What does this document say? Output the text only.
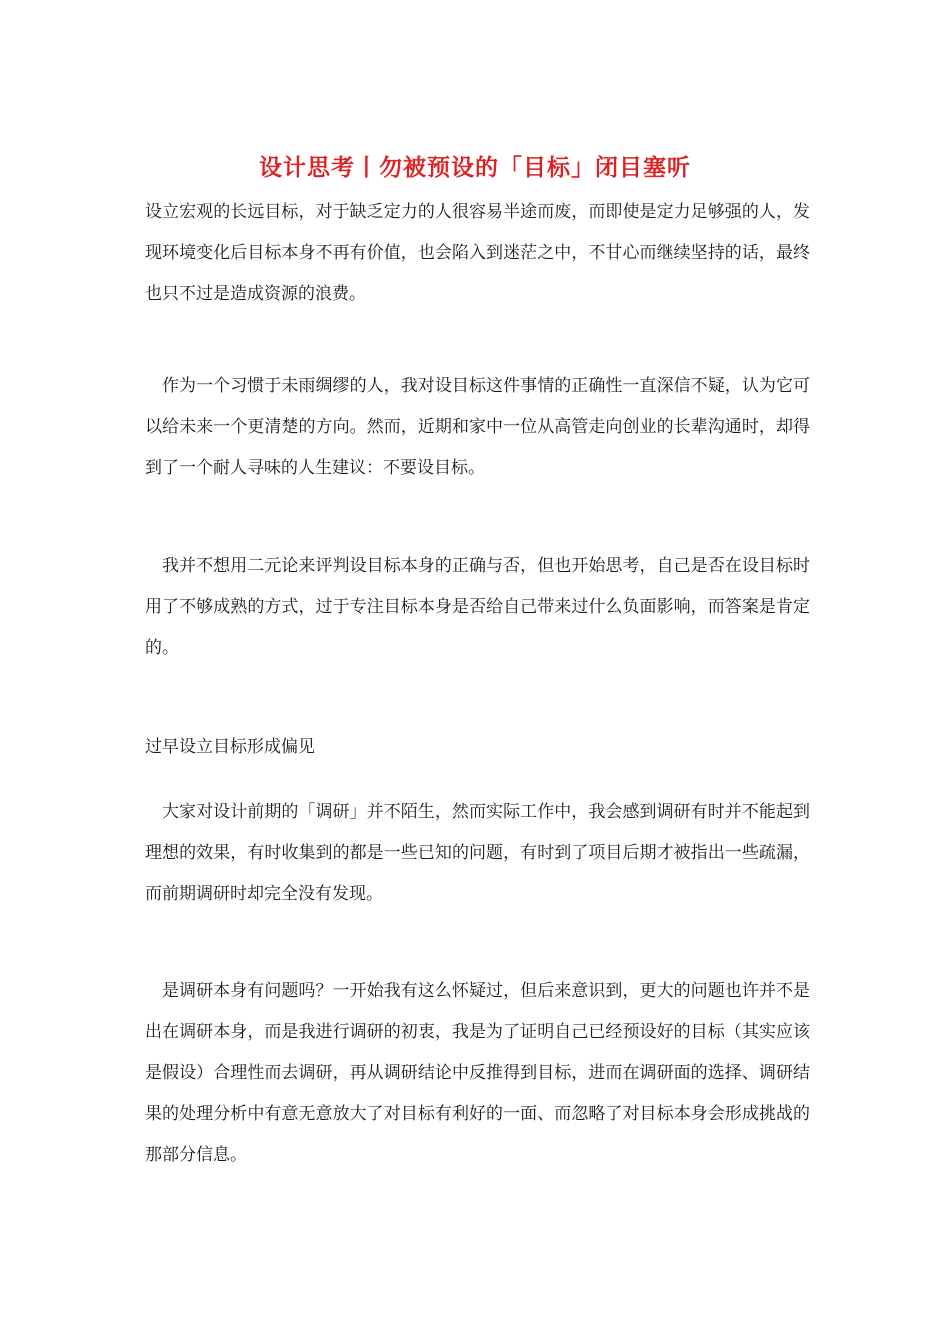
设计思考丨勿被预设的「目标」闭目塞听

设立宏观的长远目标，对于缺乏定力的人很容易半途而废，而即使是定力足够强的人，发现环境变化后目标本身不再有价值，也会陷入到迷茫之中，不甘心而继续坚持的话，最终也只不过是造成资源的浪费。

作为一个习惯于未雨绸缪的人，我对设目标这件事情的正确性一直深信不疑，认为它可以给未来一个更清楚的方向。然而，近期和家中一位从高管走向创业的长辈沟通时，却得到了一个耐人寻味的人生建议：不要设目标。

我并不想用二元论来评判设目标本身的正确与否，但也开始思考，自己是否在设目标时用了不够成熟的方式，过于专注目标本身是否给自己带来过什么负面影响，而答案是肯定的。

过早设立目标形成偏见

大家对设计前期的「调研」并不陌生，然而实际工作中，我会感到调研有时并不能起到理想的效果，有时收集到的都是一些已知的问题，有时到了项目后期才被指出一些疏漏，而前期调研时却完全没有发现。

是调研本身有问题吗？一开始我有这么怀疑过，但后来意识到，更大的问题也许并不是出在调研本身，而是我进行调研的初衷，我是为了证明自己已经预设好的目标（其实应该是假设）合理性而去调研，再从调研结论中反推得到目标，进而在调研面的选择、调研结果的处理分析中有意无意放大了对目标有利好的一面、而忽略了对目标本身会形成挑战的那部分信息。
